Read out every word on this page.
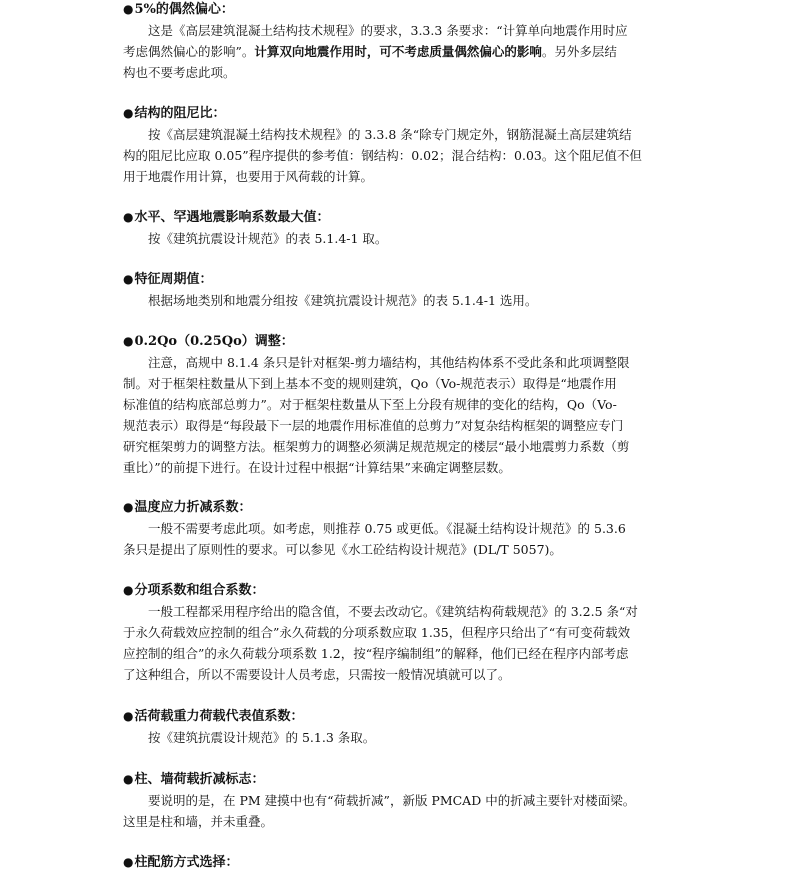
●5%的偶然偏心：
这是《高层建筑混凝土结构技术规程》的要求，3.3.3 条要求：“计算单向地震作用时应
考虑偶然偏心的影响”。计算双向地震作用时，可不考虑质量偶然偏心的影响。另外多层结
构也不要考虑此项。
●结构的阻尼比：
按《高层建筑混凝土结构技术规程》的 3.3.8 条“除专门规定外，钢筋混凝土高层建筑结
构的阻尼比应取 0.05”程序提供的参考值：钢结构：0.02；混合结构：0.03。这个阻尼值不但
用于地震作用计算，也要用于风荷载的计算。
●水平、罕遇地震影响系数最大值：
按《建筑抗震设计规范》的表 5.1.4-1 取。
●特征周期值：
根据场地类别和地震分组按《建筑抗震设计规范》的表 5.1.4-1 选用。
●0.2Qo（0.25Qo）调整：
注意，高规中 8.1.4 条只是针对框架-剪力墙结构，其他结构体系不受此条和此项调整限
制。对于框架柱数量从下到上基本不变的规则建筑，Qo（Vo-规范表示）取得是“地震作用
标准值的结构底部总剪力”。对于框架柱数量从下至上分段有规律的变化的结构，Qo（Vo-
规范表示）取得是“每段最下一层的地震作用标准值的总剪力”对复杂结构框架的调整应专门
研究框架剪力的调整方法。框架剪力的调整必须满足规范规定的楼层“最小地震剪力系数（剪
重比）”的前提下进行。在设计过程中根据“计算结果”来确定调整层数。
●温度应力折减系数：
一般不需要考虑此项。如考虑，则推荐 0.75 或更低。《混凝土结构设计规范》的 5.3.6
条只是提出了原则性的要求。可以参见《水工砼结构设计规范》(DL/T 5057)。
●分项系数和组合系数：
一般工程都采用程序给出的隐含值，不要去改动它。《建筑结构荷载规范》的 3.2.5 条“对
于永久荷载效应控制的组合”永久荷载的分项系数应取 1.35，但程序只给出了“有可变荷载效
应控制的组合”的永久荷载分项系数 1.2，按“程序编制组”的解释，他们已经在程序内部考虑
了这种组合，所以不需要设计人员考虑，只需按一般情况填就可以了。
●活荷载重力荷载代表值系数：
按《建筑抗震设计规范》的 5.1.3 条取。
●柱、墙荷载折减标志：
要说明的是，在 PM 建摸中也有“荷载折减”，新版 PMCAD 中的折减主要针对楼面梁。
这里是柱和墙，并未重叠。
●柱配筋方式选择：
